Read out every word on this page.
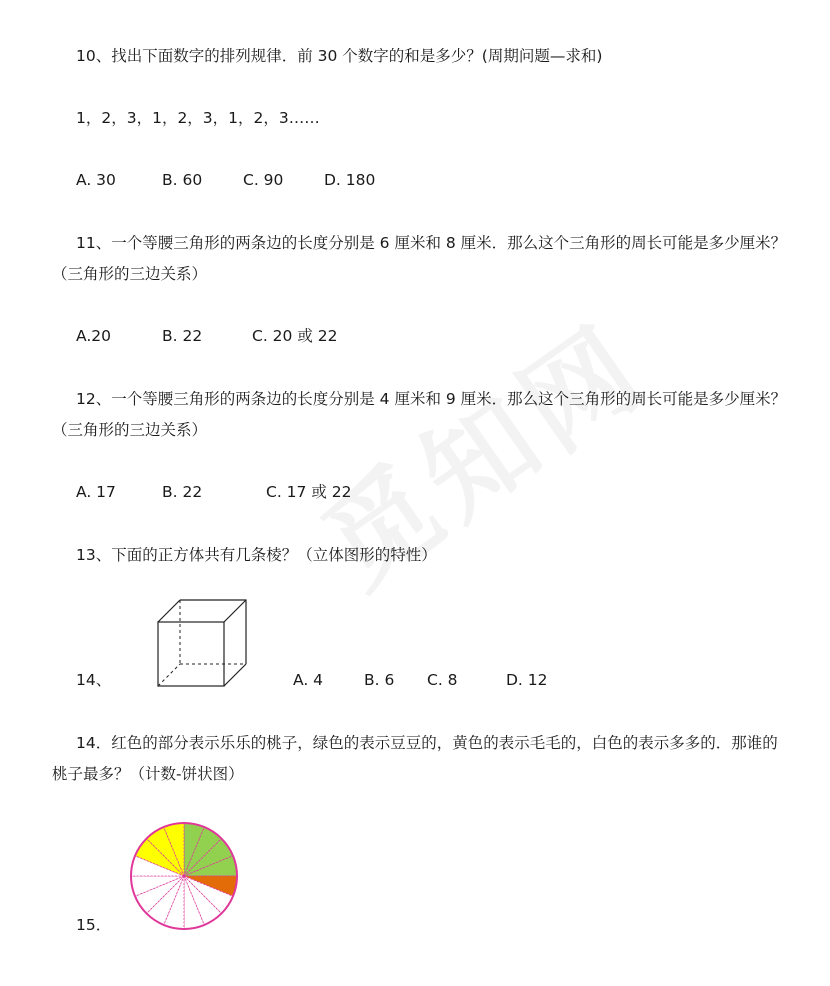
10、找出下面数字的排列规律．前 30 个数字的和是多少？(周期问题—求和)
1，2，3，1，2，3，1，2，3……
A. 30	B. 60	C. 90	D. 180
11、一个等腰三角形的两条边的长度分别是 6 厘米和 8 厘米．那么这个三角形的周长可能是多少厘米？
（三角形的三边关系）
A.20	B. 22	C. 20 或 22
12、一个等腰三角形的两条边的长度分别是 4 厘米和 9 厘米．那么这个三角形的周长可能是多少厘米？
（三角形的三边关系）
A. 17	B. 22	C. 17 或 22
13、下面的正方体共有几条棱？（立体图形的特性）
14、	A. 4	B. 6 C. 8	D. 12
14．红色的部分表示乐乐的桃子，绿色的表示豆豆的，黄色的表示毛毛的，白色的表示多多的．那谁的
桃子最多？（计数-饼状图）
15．
